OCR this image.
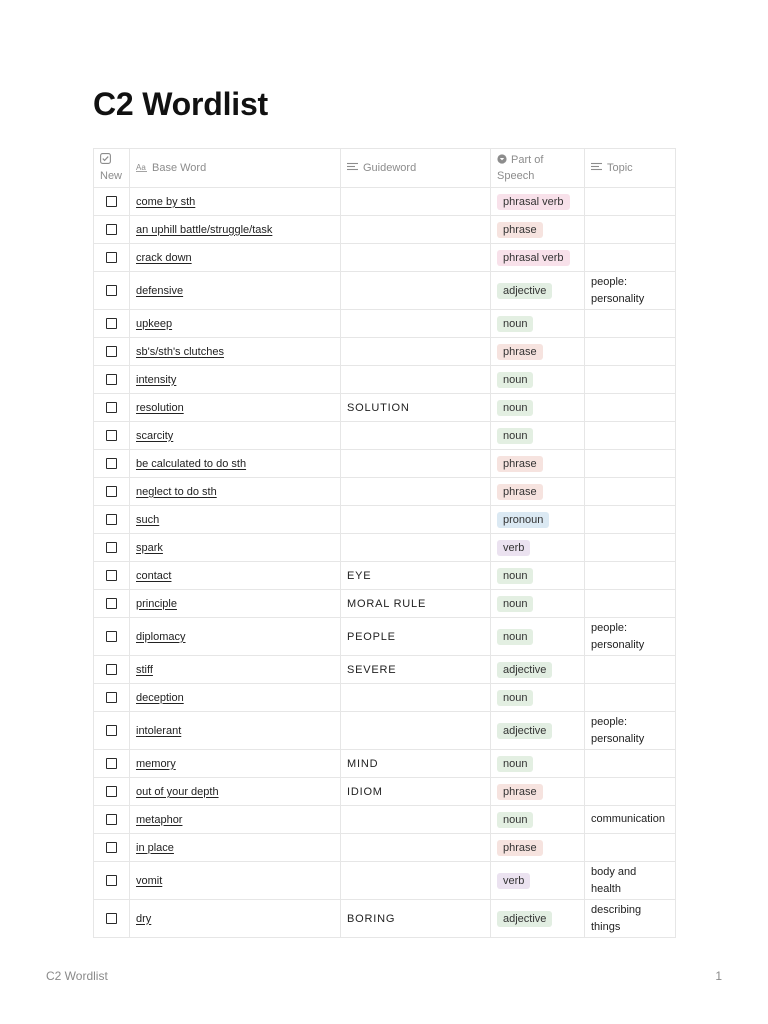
C2 Wordlist

New	Aa Base Word	Guideword	Part of Speech	Topic

	come by sth		phrasal verb	

	an uphill battle/struggle/task		phrase	

	crack down		phrasal verb	

	defensive		adjective	people: personality

	upkeep		noun	

	sb's/sth's clutches		phrase	

	intensity		noun	

	resolution	SOLUTION	noun	

	scarcity		noun	

	be calculated to do sth		phrase	

	neglect to do sth		phrase	

	such		pronoun	

	spark		verb	

	contact	EYE	noun	

	principle	MORAL RULE	noun	

	diplomacy	PEOPLE	noun	people: personality

	stiff	SEVERE	adjective	

	deception		noun	

	intolerant		adjective	people: personality

	memory	MIND	noun	

	out of your depth	IDIOM	phrase	

	metaphor		noun	communication

	in place		phrase	

	vomit		verb	body and health

	dry	BORING	adjective	describing things
C2 Wordlist	1
